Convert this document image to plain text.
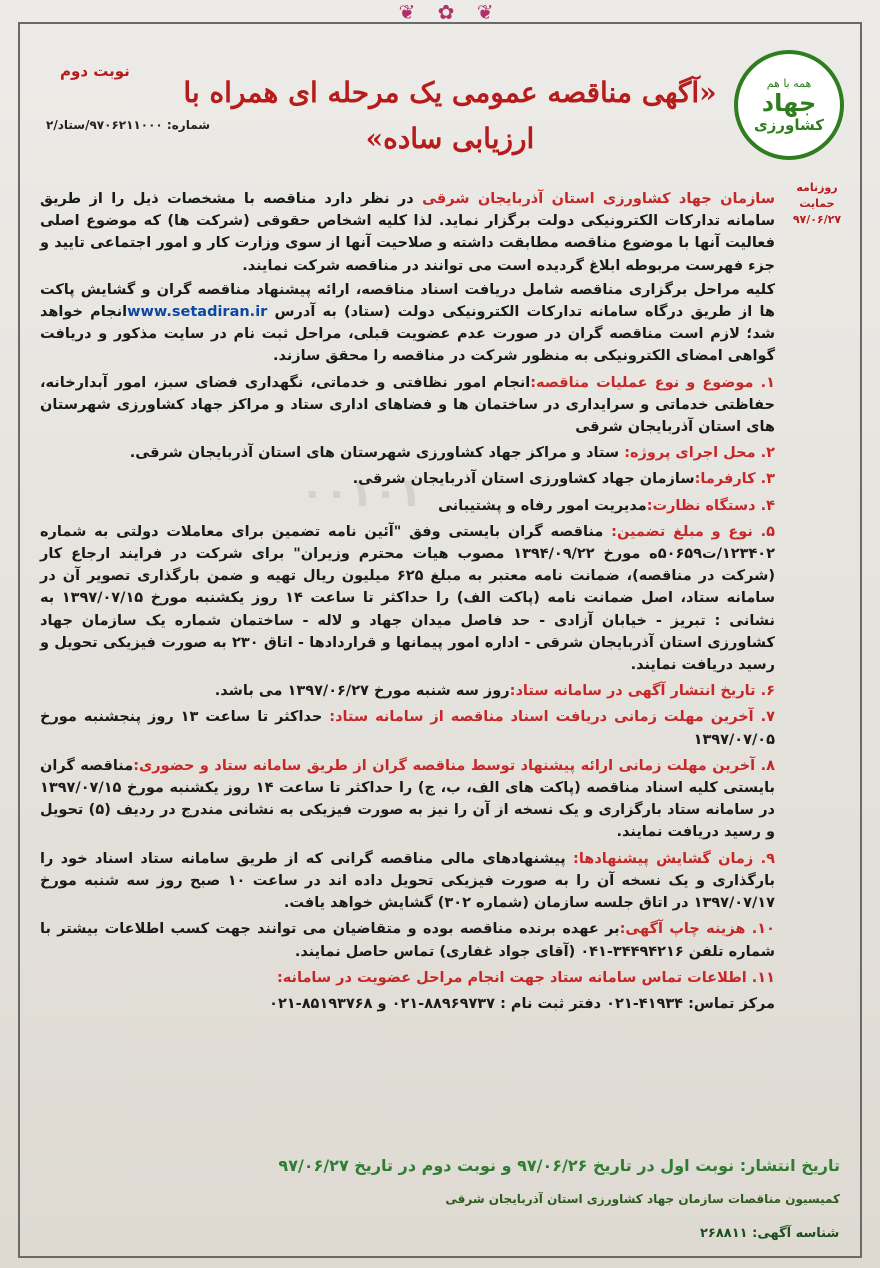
❦ ✿ ❦
همه با هم
جهاد
کشاورزی
«آگهی مناقصه عمومی یک مرحله ای همراه با ارزیابی ساده»
نوبت دوم
شماره: ۹۷۰۶۲۱۱۰۰۰/ستاد/۲
روزنامه حمایت
۹۷/۰۶/۲۷
۰۰۱۰۱

سازمان جهاد کشاورزی استان آذربایجان شرقی در نظر دارد مناقصه با مشخصات ذیل را از طریق سامانه تدارکات الکترونیکی دولت برگزار نماید. لذا کلیه اشخاص حقوقی (شرکت ها) که موضوع اصلی فعالیت آنها با موضوع مناقصه مطابقت داشته و صلاحیت آنها از سوی وزارت کار و امور اجتماعی تایید و جزء فهرست مربوطه ابلاغ گردیده است می توانند در مناقصه شرکت نمایند.

کلیه مراحل برگزاری مناقصه شامل دریافت اسناد مناقصه، ارائه پیشنهاد مناقصه گران و گشایش پاکت ها از طریق درگاه سامانه تدارکات الکترونیکی دولت (ستاد) به آدرس www.setadiran.irانجام خواهد شد؛ لازم است مناقصه گران در صورت عدم عضویت قبلی، مراحل ثبت نام در سایت مذکور و دریافت گواهی امضای الکترونیکی به منظور شرکت در مناقصه را محقق سازند.

۱. موضوع و نوع عملیات مناقصه:انجام امور نظافتی و خدماتی، نگهداری فضای سبز، امور آبدارخانه، حفاظتی خدماتی و سرایداری در ساختمان ها و فضاهای اداری ستاد و مراکز جهاد کشاورزی شهرستان های استان آذربایجان شرقی

۲. محل اجرای پروژه: ستاد و مراکز جهاد کشاورزی شهرستان های استان آذربایجان شرقی.

۳. کارفرما:سازمان جهاد کشاورزی استان آذربایجان شرقی.

۴. دستگاه نظارت:مدیریت امور رفاه و پشتیبانی

۵. نوع و مبلغ تضمین: مناقصه گران بایستی وفق "آئین نامه تضمین برای معاملات دولتی به شماره ۱۲۳۴۰۲/ت۵۰۶۵۹ه مورخ ۱۳۹۴/۰۹/۲۲ مصوب هیات محترم وزیران" برای شرکت در فرایند ارجاع کار (شرکت در مناقصه)، ضمانت نامه معتبر به مبلغ ۶۲۵ میلیون ریال تهیه و ضمن بارگذاری تصویر آن در سامانه ستاد، اصل ضمانت نامه (پاکت الف) را حداکثر تا ساعت ۱۴ روز یکشنبه مورخ ۱۳۹۷/۰۷/۱۵ به نشانی : تبریز - خیابان آزادی - حد فاصل میدان جهاد و لاله - ساختمان شماره یک سازمان جهاد کشاورزی استان آذربایجان شرقی - اداره امور پیمانها و قراردادها - اتاق ۲۳۰ به صورت فیزیکی تحویل و رسید دریافت نمایند.

۶. تاریخ انتشار آگهی در سامانه ستاد:روز سه شنبه مورخ ۱۳۹۷/۰۶/۲۷ می باشد.

۷. آخرین مهلت زمانی دریافت اسناد مناقصه از سامانه ستاد: حداکثر تا ساعت ۱۳ روز پنجشنبه مورخ ۱۳۹۷/۰۷/۰۵

۸. آخرین مهلت زمانی ارائه پیشنهاد توسط مناقصه گران از طریق سامانه ستاد و حضوری:مناقصه گران بایستی کلیه اسناد مناقصه (پاکت های الف، ب، ج) را حداکثر تا ساعت ۱۴ روز یکشنبه مورخ ۱۳۹۷/۰۷/۱۵ در سامانه ستاد بارگزاری و یک نسخه از آن را نیز به صورت فیزیکی به نشانی مندرج در ردیف (۵) تحویل و رسید دریافت نمایند.

۹. زمان گشایش پیشنهادها: پیشنهادهای مالی مناقصه گرانی که از طریق سامانه ستاد اسناد خود را بارگذاری و یک نسخه آن را به صورت فیزیکی تحویل داده اند در ساعت ۱۰ صبح روز سه شنبه مورخ ۱۳۹۷/۰۷/۱۷ در اتاق جلسه سازمان (شماره ۳۰۲) گشایش خواهد یافت.

۱۰. هزینه چاپ آگهی:بر عهده برنده مناقصه بوده و متقاضیان می توانند جهت کسب اطلاعات بیشتر با شماره تلفن ۳۴۴۹۴۲۱۶-۰۴۱ (آقای جواد غفاری) تماس حاصل نمایند.

۱۱. اطلاعات تماس سامانه ستاد جهت انجام مراحل عضویت در سامانه:

مرکز تماس: ۴۱۹۳۴-۰۲۱ دفتر ثبت نام : ۸۸۹۶۹۷۳۷-۰۲۱ و ۸۵۱۹۳۷۶۸-۰۲۱

تاریخ انتشار: نوبت اول در تاریخ ۹۷/۰۶/۲۶ و نوبت دوم در تاریخ ۹۷/۰۶/۲۷
کمیسیون مناقصات سازمان جهاد کشاورزی استان آذربایجان شرقی
شناسه آگهی: ۲۶۸۸۱۱
